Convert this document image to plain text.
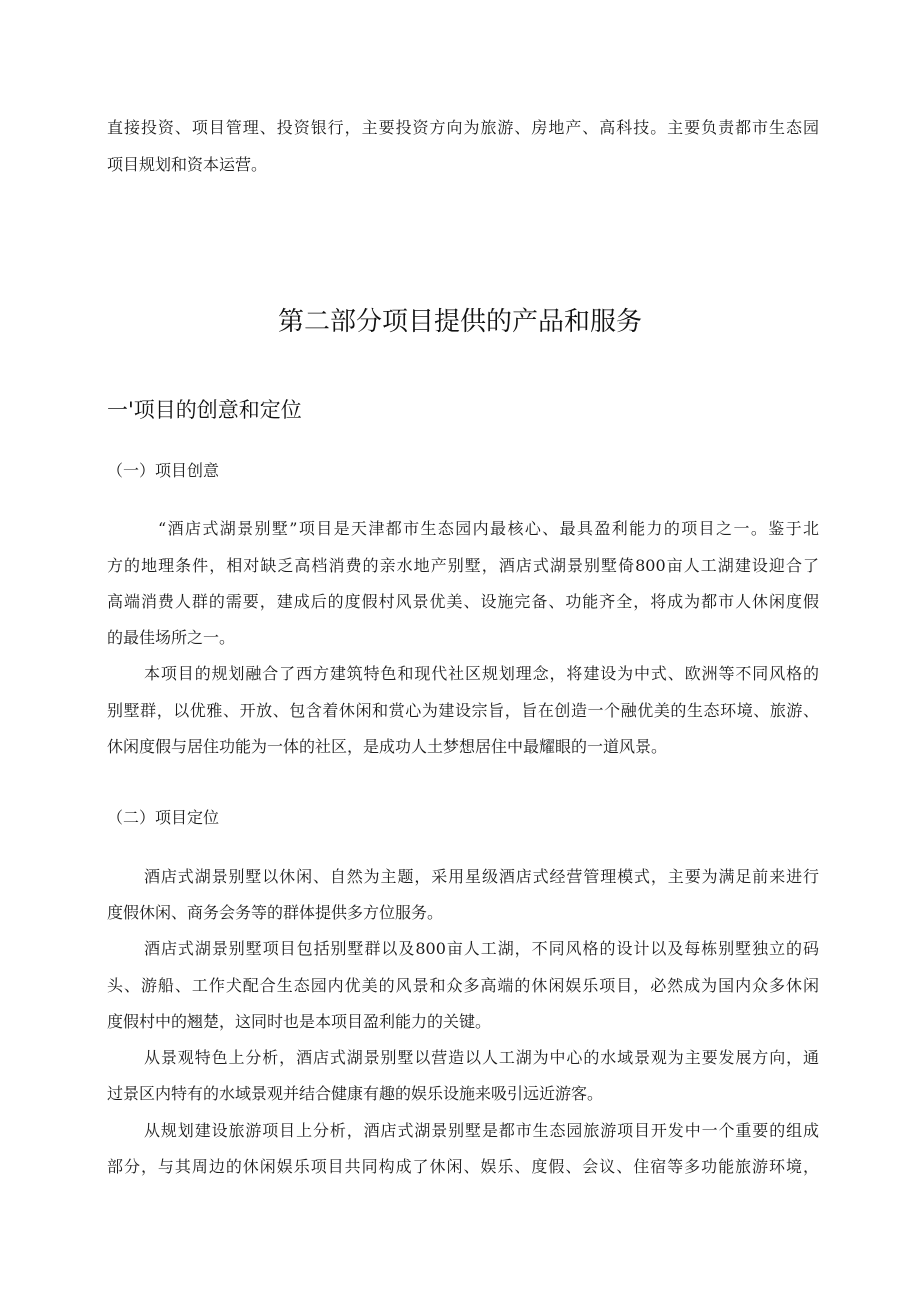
直接投资、项目管理、投资银行，主要投资方向为旅游、房地产、高科技。主要负责都市生态园
项目规划和资本运营。
第二部分项目提供的产品和服务
一'项目的创意和定位
（一）项目创意
“酒店式湖景别墅”项目是天津都市生态园内最核心、最具盈利能力的项目之一。鉴于北
方的地理条件，相对缺乏高档消费的亲水地产别墅，酒店式湖景别墅倚800亩人工湖建设迎合了
高端消费人群的需要，建成后的度假村风景优美、设施完备、功能齐全，将成为都市人休闲度假
的最佳场所之一。
本项目的规划融合了西方建筑特色和现代社区规划理念，将建设为中式、欧洲等不同风格的
别墅群，以优雅、开放、包含着休闲和赏心为建设宗旨，旨在创造一个融优美的生态环境、旅游、
休闲度假与居住功能为一体的社区，是成功人土梦想居住中最耀眼的一道风景。
（二）项目定位
酒店式湖景别墅以休闲、自然为主题，采用星级酒店式经营管理模式，主要为满足前来进行
度假休闲、商务会务等的群体提供多方位服务。
酒店式湖景别墅项目包括别墅群以及800亩人工湖，不同风格的设计以及每栋别墅独立的码
头、游船、工作犬配合生态园内优美的风景和众多高端的休闲娱乐项目，必然成为国内众多休闲
度假村中的翘楚，这同时也是本项目盈利能力的关键。
从景观特色上分析，酒店式湖景别墅以营造以人工湖为中心的水域景观为主要发展方向，通
过景区内特有的水域景观并结合健康有趣的娱乐设施来吸引远近游客。
从规划建设旅游项目上分析，酒店式湖景别墅是都市生态园旅游项目开发中一个重要的组成
部分，与其周边的休闲娱乐项目共同构成了休闲、娱乐、度假、会议、住宿等多功能旅游环境，
